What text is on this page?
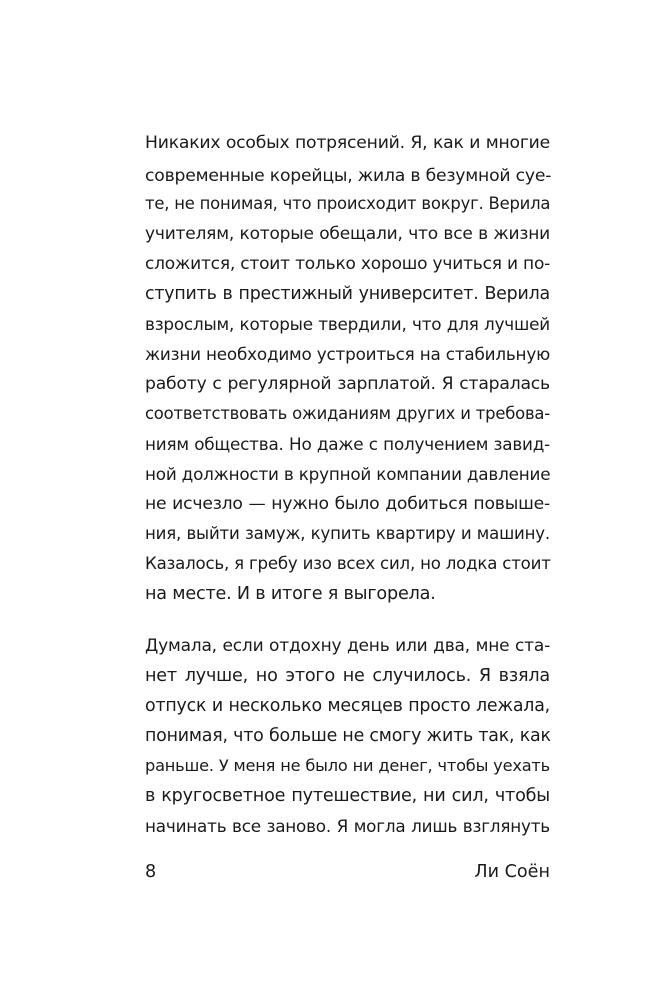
Никаких особых потрясений. Я, как и многие
современные корейцы, жила в безумной суе-
те, не понимая, что происходит вокруг. Верила
учителям, которые обещали, что все в жизни
сложится, стоит только хорошо учиться и по-
ступить в престижный университет. Верила
взрослым, которые твердили, что для лучшей
жизни необходимо устроиться на стабильную
работу с регулярной зарплатой. Я старалась
соответствовать ожиданиям других и требова-
ниям общества. Но даже с получением завид-
ной должности в крупной компании давление
не исчезло — нужно было добиться повыше-
ния, выйти замуж, купить квартиру и машину.
Казалось, я гребу изо всех сил, но лодка стоит
на месте. И в итоге я выгорела.
Думала, если отдохну день или два, мне ста-
нет лучше, но этого не случилось. Я взяла
отпуск и несколько месяцев просто лежала,
понимая, что больше не смогу жить так, как
раньше. У меня не было ни денег, чтобы уехать
в кругосветное путешествие, ни сил, чтобы
начинать все заново. Я могла лишь взглянуть
8	Ли Соён
